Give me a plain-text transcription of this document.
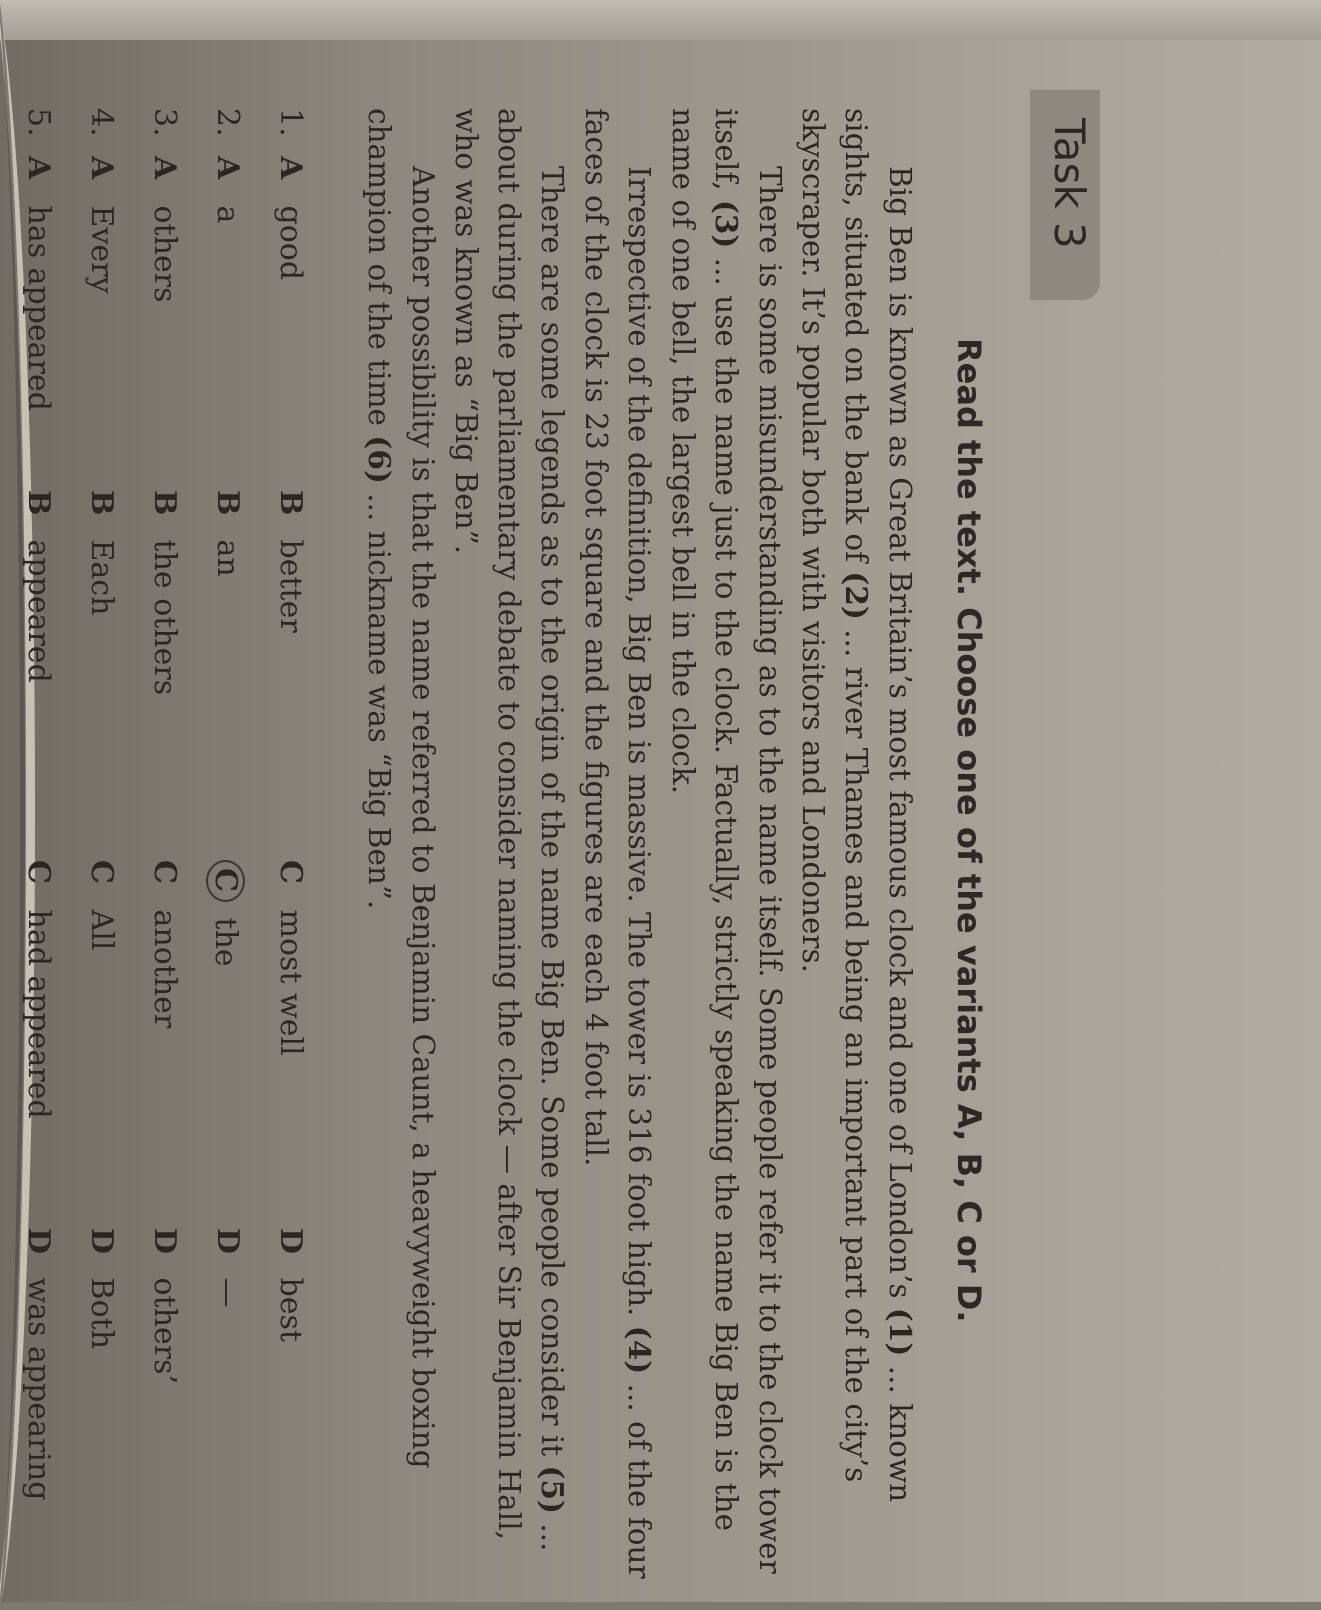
Task 3
Read the text. Choose one of the variants A, B, C or D.

Big Ben is known as Great Britain’s most famous clock and one of London’s (1) ... known sights, situated on the bank of (2) ... river Thames and being an important part of the city’s skyscraper. It’s popular both with visitors and Londoners.

There is some misunderstanding as to the name itself. Some people refer it to the clock tower itself, (3) ... use the name just to the clock. Factually, strictly speaking the name Big Ben is the name of one bell, the largest bell in the clock.

Irrespective of the definition, Big Ben is massive. The tower is 316 foot high. (4) ... of the four faces of the clock is 23 foot square and the figures are each 4 foot tall.

There are some legends as to the origin of the name Big Ben. Some people consider it (5) ... about during the parliamentary debate to consider naming the clock — after Sir Benjamin Hall, who was known as “Big Ben”.

Another possibility is that the name referred to Benjamin Caunt, a heavyweight boxing champion of the time (6) ... nickname was “Big Ben”.

1.
A good
B better
C most well
D best
2.
A a
B an
C the
D —
3.
A others
B the others
C another
D others’
4.
A Every
B Each
C All
D Both
5.
A has appeared
B appeared
C had appeared
D was appearing
